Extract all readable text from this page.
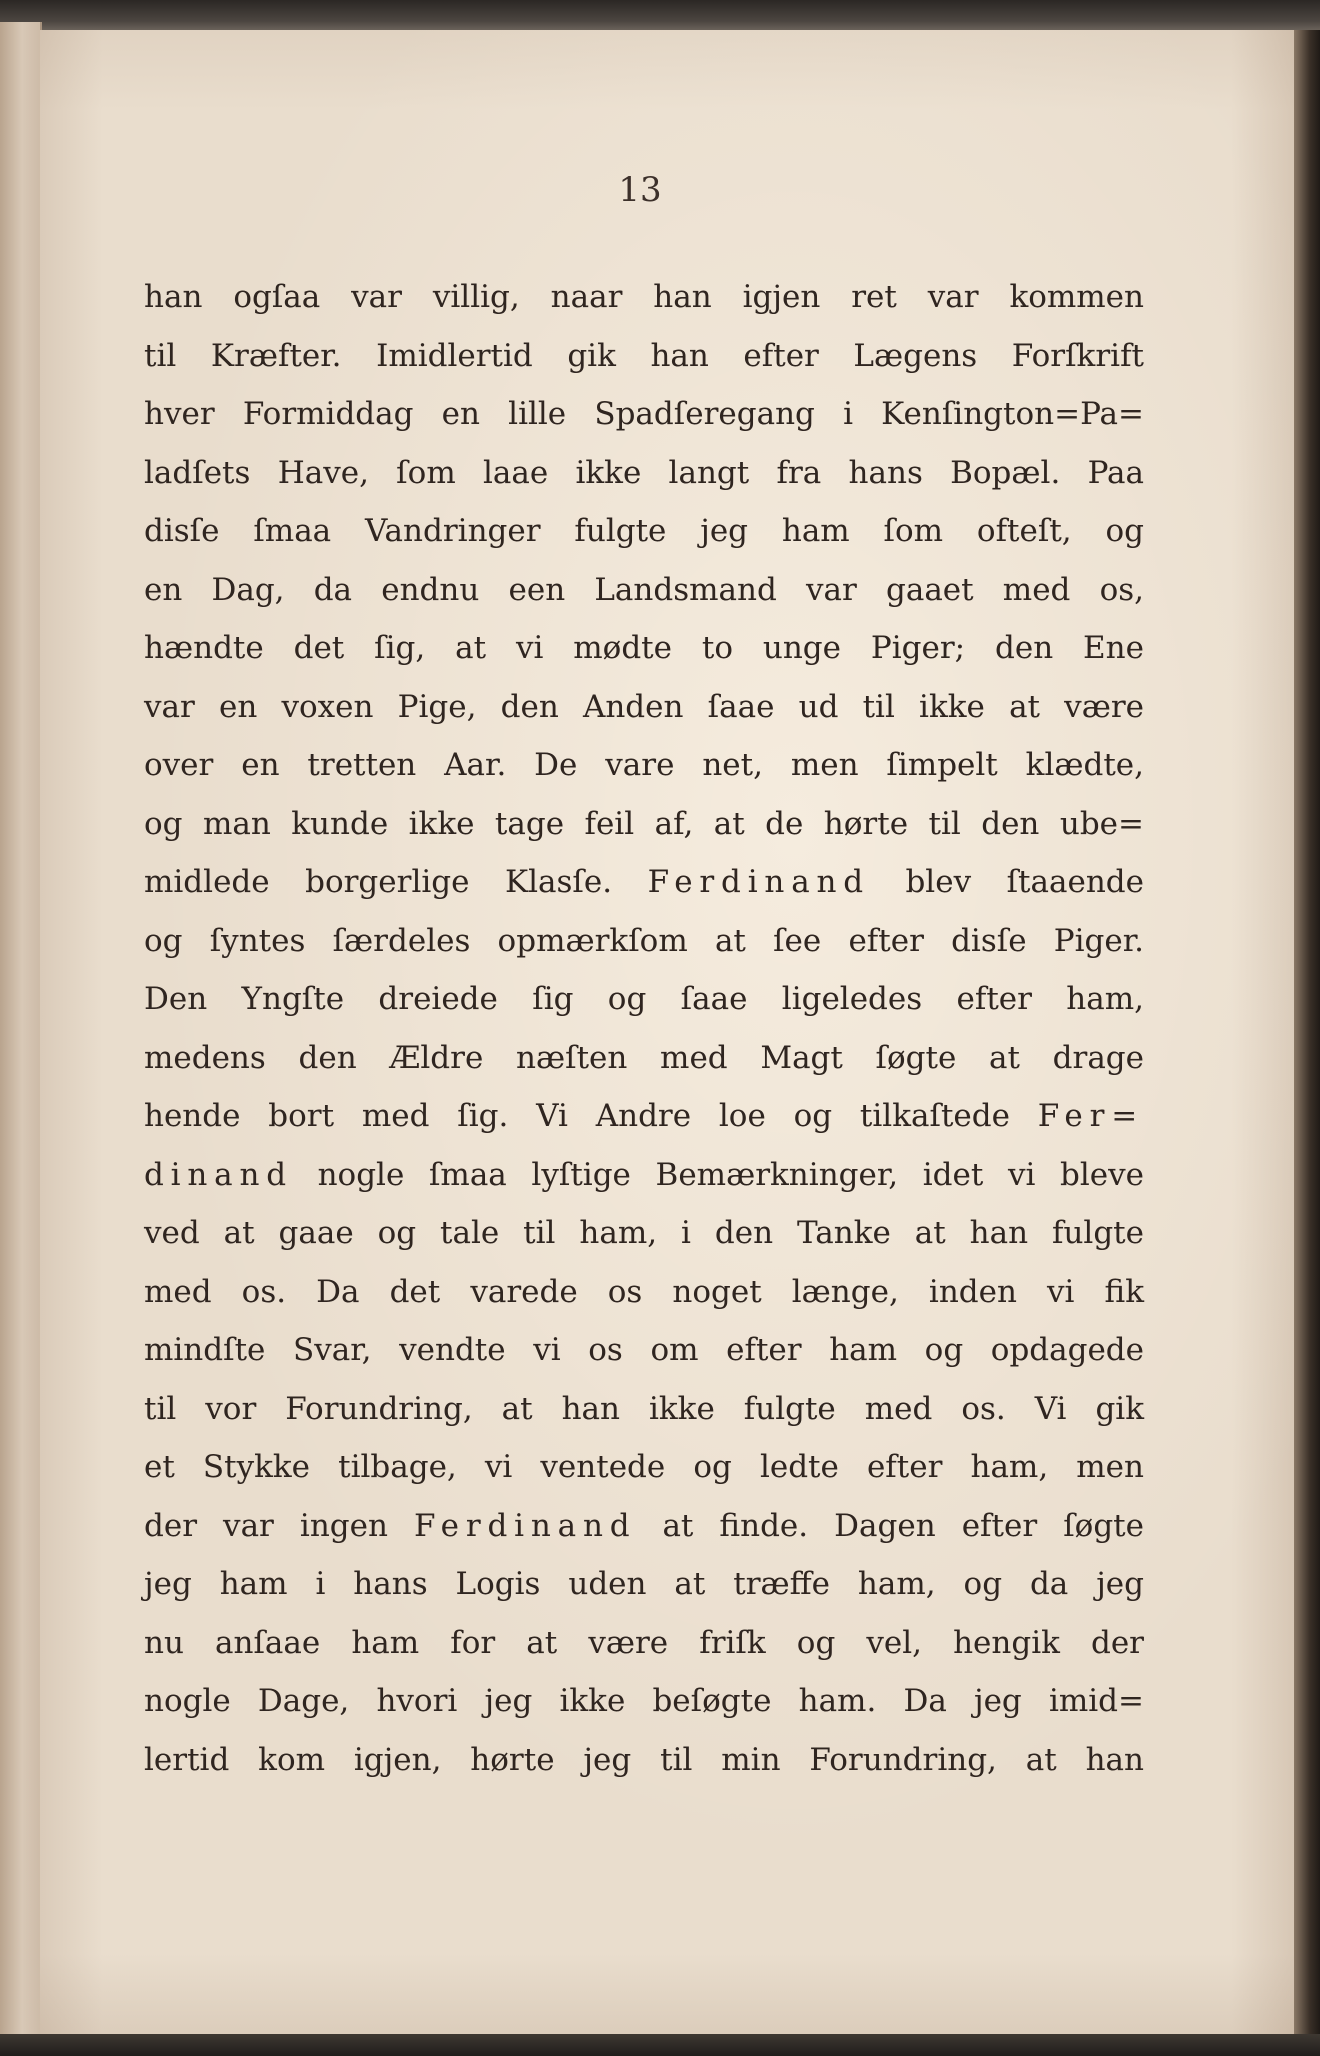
13
han ogſaa var villig, naar han igjen ret var kommen
til Kræfter. Imidlertid gik han efter Lægens Forſkrift
hver Formiddag en lille Spadſeregang i Kenſington=Pa=
ladſets Have, ſom laae ikke langt fra hans Bopæl. Paa
disſe ſmaa Vandringer fulgte jeg ham ſom ofteſt, og
en Dag, da endnu een Landsmand var gaaet med os,
hændte det ſig, at vi mødte to unge Piger; den Ene
var en voxen Pige, den Anden ſaae ud til ikke at være
over en tretten Aar. De vare net, men ſimpelt klædte,
og man kunde ikke tage feil af, at de hørte til den ube=
midlede borgerlige Klasſe. Ferdinand blev ſtaaende
og ſyntes ſærdeles opmærkſom at ſee efter disſe Piger.
Den Yngſte dreiede ſig og ſaae ligeledes efter ham,
medens den Ældre næſten med Magt ſøgte at drage
hende bort med ſig. Vi Andre loe og tilkaſtede Fer=
dinand nogle ſmaa lyſtige Bemærkninger, idet vi bleve
ved at gaae og tale til ham, i den Tanke at han fulgte
med os. Da det varede os noget længe, inden vi fik
mindſte Svar, vendte vi os om efter ham og opdagede
til vor Forundring, at han ikke fulgte med os. Vi gik
et Stykke tilbage, vi ventede og ledte efter ham, men
der var ingen Ferdinand at finde. Dagen efter ſøgte
jeg ham i hans Logis uden at træffe ham, og da jeg
nu anſaae ham for at være friſk og vel, hengik der
nogle Dage, hvori jeg ikke beſøgte ham. Da jeg imid=
lertid kom igjen, hørte jeg til min Forundring, at han
